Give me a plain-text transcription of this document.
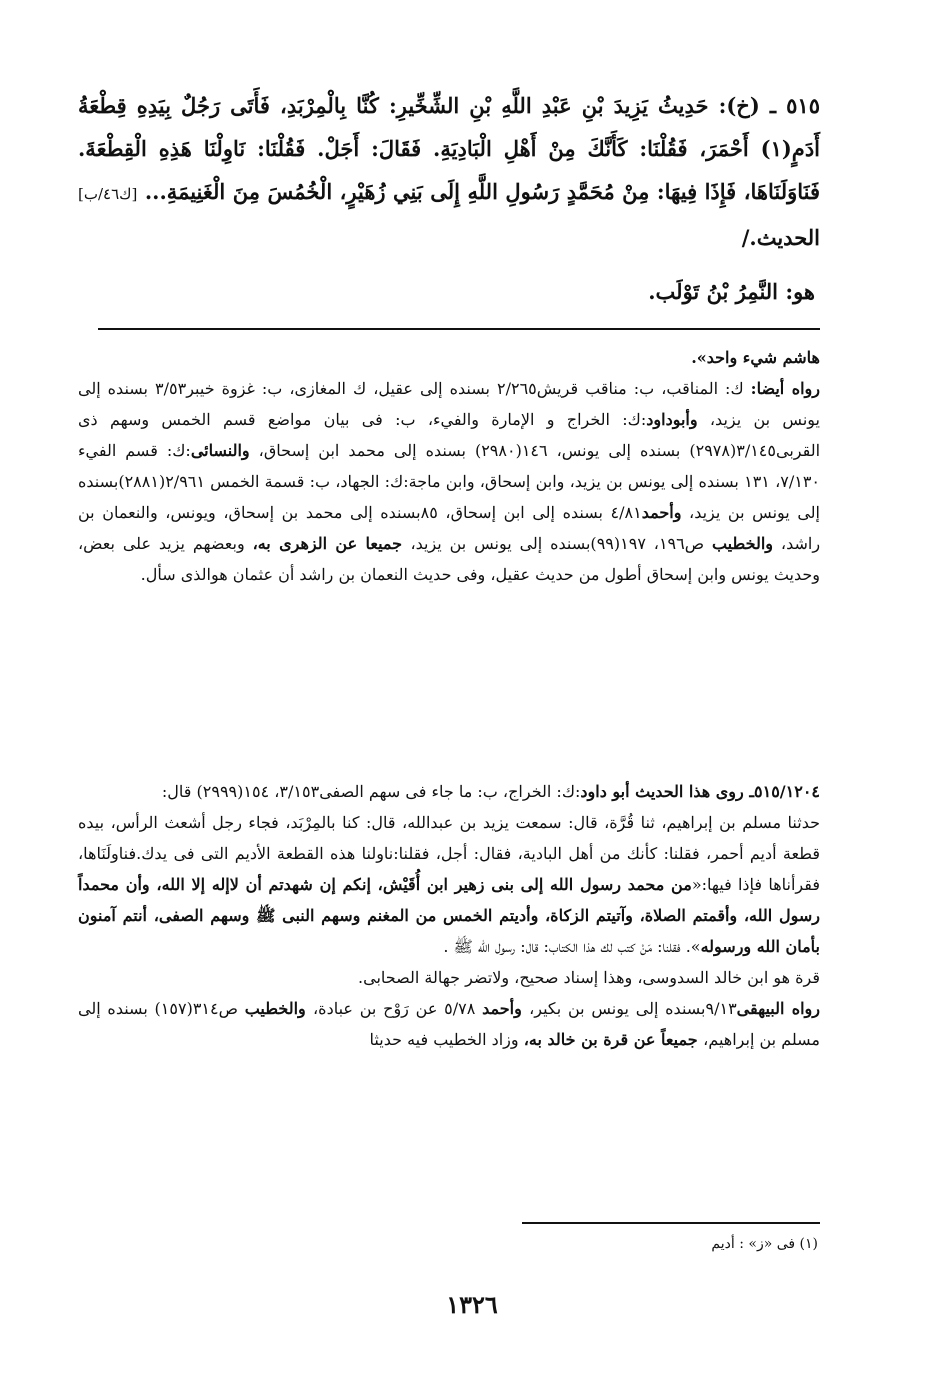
٥١٥ ـ (خ): حَدِيثُ يَزِيدَ بْنِ عَبْدِ اللَّهِ بْنِ الشِّخِّيرِ: كُنَّا بِالْمِرْبَدِ، فَأَتَى رَجُلٌ بِيَدِهِ قِطْعَةُ أَدَمٍ(١) أَحْمَرَ، فَقُلْنَا: كَأَنَّكَ مِنْ أَهْلِ الْبَادِيَةِ. فَقَالَ: أَجَلْ. فَقُلْنَا: نَاوِلْنَا هَذِهِ الْقِطْعَةَ. فَنَاوَلَنَاهَا، فَإِذَا فِيهَا: مِنْ مُحَمَّدٍ رَسُولِ اللَّهِ إِلَى بَنِي زُهَيْرٍ، الْخُمُسَ مِنَ الْغَنِيمَةِ... [ك٤٦/ب] الحديث./

هو: النَّمِرُ بْنُ تَوْلَب.

هاشم شيء واحد».

رواه أيضا: ك: المناقب، ب: مناقب قريش٢/٢٦٥ بسنده إلى عقيل، ك المغازى، ب: غزوة خيبر٣/٥٣ بسنده إلى يونس بن يزيد، وأبوداود:ك: الخراج و الإمارة والفيء، ب: فى بيان مواضع قسم الخمس وسهم ذى القربى٣/١٤٥(٢٩٧٨) بسنده إلى يونس، ١٤٦(٢٩٨٠) بسنده إلى محمد ابن إسحاق، والنسائى:ك: قسم الفيء ٧/١٣٠، ١٣١ بسنده إلى يونس بن يزيد، وابن إسحاق، وابن ماجة:ك: الجهاد، ب: قسمة الخمس ٢/٩٦١(٢٨٨١)بسنده إلى يونس بن يزيد، وأحمد٤/٨١ بسنده إلى ابن إسحاق، ٨٥بسنده إلى محمد بن إسحاق، ويونس، والنعمان بن راشد، والخطيب ص١٩٦، ١٩٧(٩٩)بسنده إلى يونس بن يزيد، جميعا عن الزهرى به، وبعضهم يزيد على بعض، وحديث يونس وابن إسحاق أطول من حديث عقيل، وفى حديث النعمان بن راشد أن عثمان هوالذى سأل.

٥١٥/١٢٠٤ـ روى هذا الحديث أبو داود:ك: الخراج، ب: ما جاء فى سهم الصفى٣/١٥٣، ١٥٤(٢٩٩٩) قال:

حدثنا مسلم بن إبراهيم، ثنا قُرَّة، قال: سمعت يزيد بن عبدالله، قال: كنا بالمِرْبَد، فجاء رجل أشعث الرأس، بيده قطعة أديم أحمر، فقلنا: كأنك من أهل البادية، فقال: أجل، فقلنا:ناولنا هذه القطعة الأديم التى فى يدك.فناولَنَاها، فقرأناها فإذا فيها:«من محمد رسول الله إلى بنى زهير ابن أُقَيْش، إنكم إن شهدتم أن لاإله إلا الله، وأن محمداً رسول الله، وأقمتم الصلاة، وآتيتم الزكاة، وأديتم الخمس من المغنم وسهم النبى ﷺ وسهم الصفى، أنتم آمنون بأمان الله ورسوله». فقلنا: مَنْ كتب لك هذا الكتاب: قال: رسول الله ﷺ .

قرة هو ابن خالد السدوسى، وهذا إسناد صحيح، ولاتضر جهالة الصحابى.

رواه البيهقى٩/١٣بسنده إلى يونس بن بكير، وأحمد ٥/٧٨ عن رَوْح بن عبادة، والخطيب ص٣١٤(١٥٧) بسنده إلى مسلم بن إبراهيم، جميعاً عن قرة بن خالد به، وزاد الخطيب فيه حديثا

(١) فى «ز» : أديم
١٣٢٦
